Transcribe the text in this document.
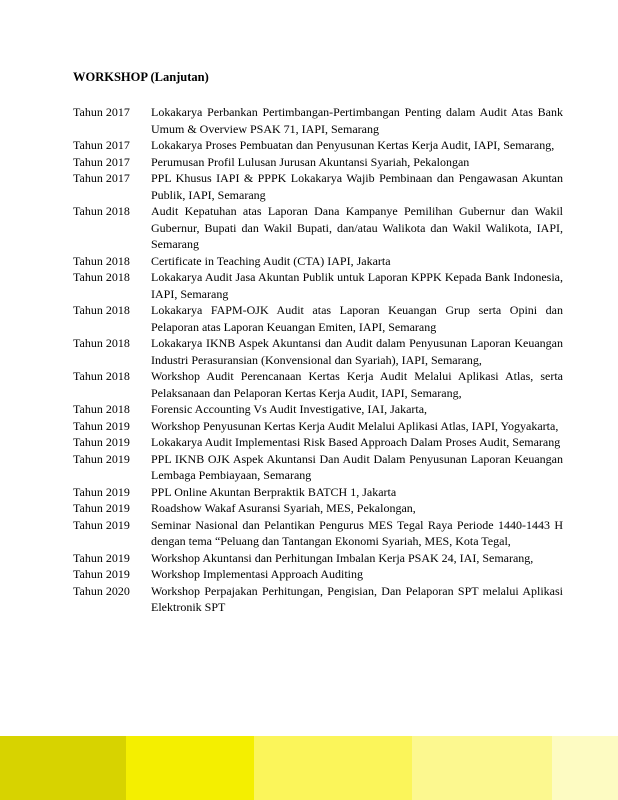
WORKSHOP (Lanjutan)
Tahun 2017	Lokakarya Perbankan Pertimbangan-Pertimbangan Penting dalam Audit Atas Bank Umum & Overview PSAK 71, IAPI, Semarang
Tahun 2017	Lokakarya Proses Pembuatan dan Penyusunan Kertas Kerja Audit, IAPI, Semarang,
Tahun 2017	Perumusan Profil Lulusan Jurusan Akuntansi Syariah, Pekalongan
Tahun 2017	PPL Khusus IAPI & PPPK Lokakarya Wajib Pembinaan dan Pengawasan Akuntan Publik, IAPI, Semarang
Tahun 2018	Audit Kepatuhan atas Laporan Dana Kampanye Pemilihan Gubernur dan Wakil Gubernur, Bupati dan Wakil Bupati, dan/atau Walikota dan Wakil Walikota, IAPI, Semarang
Tahun 2018	Certificate in Teaching Audit (CTA) IAPI, Jakarta
Tahun 2018	Lokakarya Audit Jasa Akuntan Publik untuk Laporan KPPK Kepada Bank Indonesia, IAPI, Semarang
Tahun 2018	Lokakarya FAPM-OJK Audit atas Laporan Keuangan Grup serta Opini dan Pelaporan atas Laporan Keuangan Emiten, IAPI, Semarang
Tahun 2018	Lokakarya IKNB Aspek Akuntansi dan Audit dalam Penyusunan Laporan Keuangan Industri Perasuransian (Konvensional dan Syariah), IAPI, Semarang,
Tahun 2018	Workshop Audit Perencanaan Kertas Kerja Audit Melalui Aplikasi Atlas, serta Pelaksanaan dan Pelaporan Kertas Kerja Audit, IAPI, Semarang,
Tahun 2018	Forensic Accounting Vs Audit Investigative, IAI, Jakarta,
Tahun 2019	Workshop Penyusunan Kertas Kerja Audit Melalui Aplikasi Atlas, IAPI, Yogyakarta,
Tahun 2019	Lokakarya Audit Implementasi Risk Based Approach Dalam Proses Audit, Semarang
Tahun 2019	PPL IKNB OJK Aspek Akuntansi Dan Audit Dalam Penyusunan Laporan Keuangan Lembaga Pembiayaan, Semarang
Tahun 2019	PPL Online Akuntan Berpraktik BATCH 1, Jakarta
Tahun 2019	Roadshow Wakaf Asuransi Syariah, MES, Pekalongan,
Tahun 2019	Seminar Nasional dan Pelantikan Pengurus MES Tegal Raya Periode 1440-1443 H dengan tema “Peluang dan Tantangan Ekonomi Syariah, MES, Kota Tegal,
Tahun 2019	Workshop Akuntansi dan Perhitungan Imbalan Kerja PSAK 24, IAI, Semarang,
Tahun 2019	Workshop Implementasi Approach Auditing
Tahun 2020	Workshop Perpajakan Perhitungan, Pengisian, Dan Pelaporan SPT melalui Aplikasi Elektronik SPT
